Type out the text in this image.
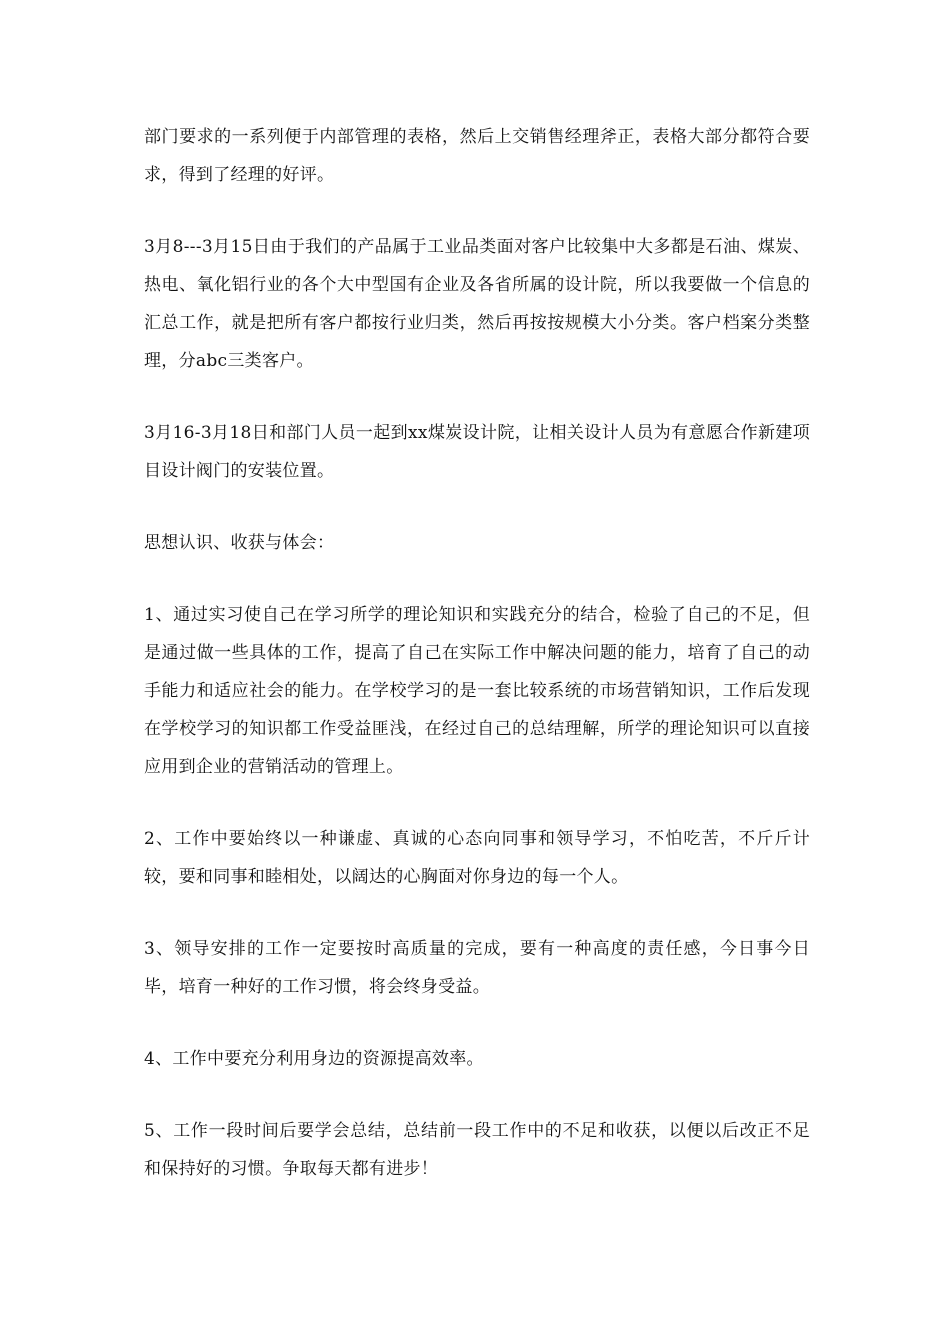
部门要求的一系列便于内部管理的表格，然后上交销售经理斧正，表格大部分都符合要求，得到了经理的好评。

3月8---3月15日由于我们的产品属于工业品类面对客户比较集中大多都是石油、煤炭、热电、氧化铝行业的各个大中型国有企业及各省所属的设计院，所以我要做一个信息的汇总工作，就是把所有客户都按行业归类，然后再按按规模大小分类。客户档案分类整理，分abc三类客户。

3月16-3月18日和部门人员一起到xx煤炭设计院，让相关设计人员为有意愿合作新建项目设计阀门的安装位置。

思想认识、收获与体会：

1、通过实习使自己在学习所学的理论知识和实践充分的结合，检验了自己的不足，但是通过做一些具体的工作，提高了自己在实际工作中解决问题的能力，培育了自己的动手能力和适应社会的能力。在学校学习的是一套比较系统的市场营销知识，工作后发现在学校学习的知识都工作受益匪浅，在经过自己的总结理解，所学的理论知识可以直接应用到企业的营销活动的管理上。

2、工作中要始终以一种谦虚、真诚的心态向同事和领导学习，不怕吃苦，不斤斤计较，要和同事和睦相处，以阔达的心胸面对你身边的每一个人。

3、领导安排的工作一定要按时高质量的完成，要有一种高度的责任感，今日事今日毕，培育一种好的工作习惯，将会终身受益。

4、工作中要充分利用身边的资源提高效率。

5、工作一段时间后要学会总结，总结前一段工作中的不足和收获，以便以后改正不足和保持好的习惯。争取每天都有进步！
